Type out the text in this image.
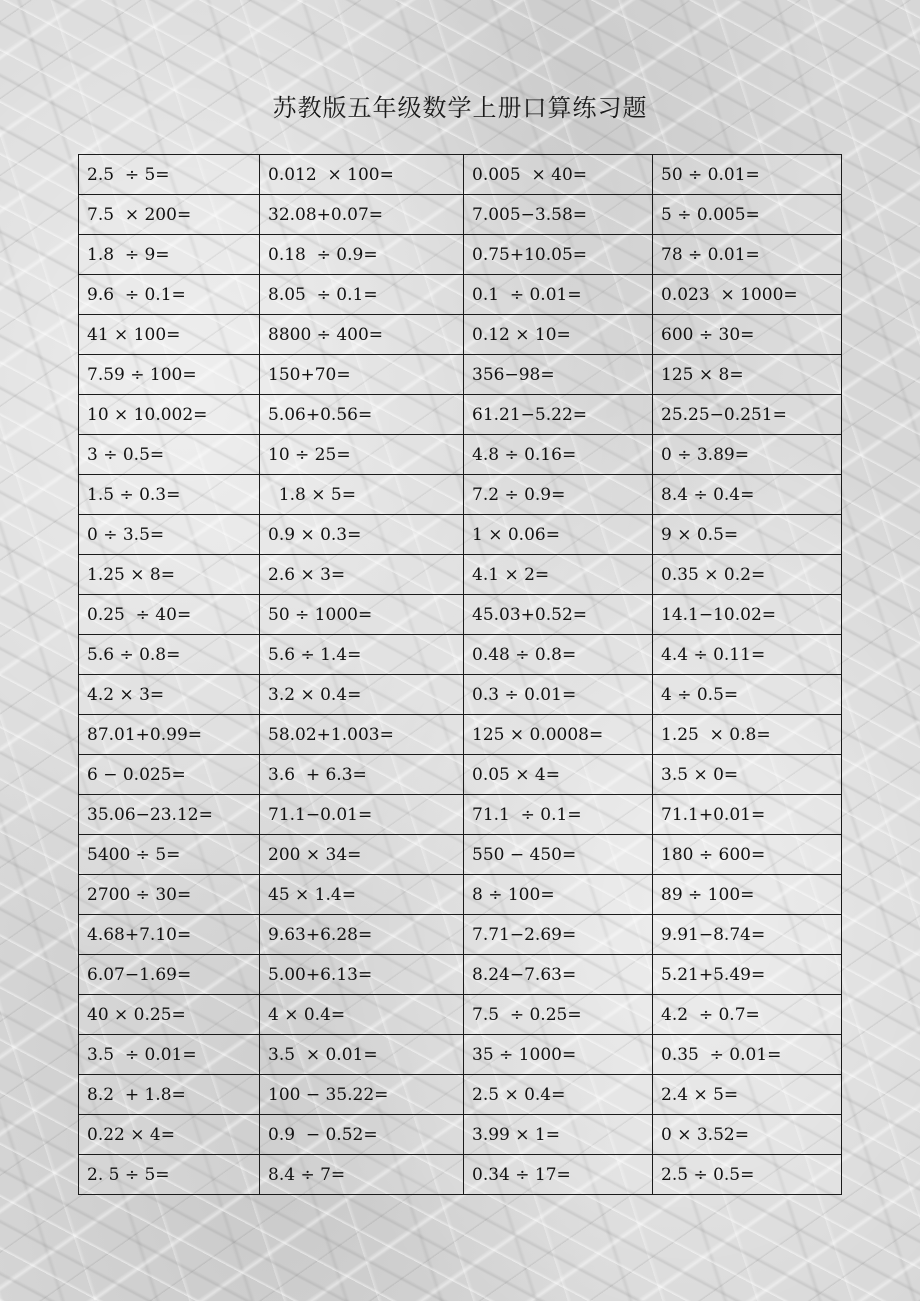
苏教版五年级数学上册口算练习题
2.5  ÷ 5=	0.012  × 100=	0.005  × 40=	50 ÷ 0.01=
7.5  × 200=	32.08+0.07=	7.005−3.58=	5 ÷ 0.005=
1.8  ÷ 9=	0.18  ÷ 0.9=	0.75+10.05=	78 ÷ 0.01=
9.6  ÷ 0.1=	8.05  ÷ 0.1=	0.1  ÷ 0.01=	0.023  × 1000=
41 × 100=	8800 ÷ 400=	0.12 × 10=	600 ÷ 30=
7.59 ÷ 100=	150+70=	356−98=	125 × 8=
10 × 10.002=	5.06+0.56=	61.21−5.22=	25.25−0.251=
3 ÷ 0.5=	10 ÷ 25=	4.8 ÷ 0.16=	0 ÷ 3.89=
1.5 ÷ 0.3=	1.8 × 5=	7.2 ÷ 0.9=	8.4 ÷ 0.4=
0 ÷ 3.5=	0.9 × 0.3=	1 × 0.06=	9 × 0.5=
1.25 × 8=	2.6 × 3=	4.1 × 2=	0.35 × 0.2=
0.25  ÷ 40=	50 ÷ 1000=	45.03+0.52=	14.1−10.02=
5.6 ÷ 0.8=	5.6 ÷ 1.4=	0.48 ÷ 0.8=	4.4 ÷ 0.11=
4.2 × 3=	3.2 × 0.4=	0.3 ÷ 0.01=	4 ÷ 0.5=
87.01+0.99=	58.02+1.003=	125 × 0.0008=	1.25  × 0.8=
6 − 0.025=	3.6  + 6.3=	0.05 × 4=	3.5 × 0=
35.06−23.12=	71.1−0.01=	71.1  ÷ 0.1=	71.1+0.01=
5400 ÷ 5=	200 × 34=	550 − 450=	180 ÷ 600=
2700 ÷ 30=	45 × 1.4=	8 ÷ 100=	89 ÷ 100=
4.68+7.10=	9.63+6.28=	7.71−2.69=	9.91−8.74=
6.07−1.69=	5.00+6.13=	8.24−7.63=	5.21+5.49=
40 × 0.25=	4 × 0.4=	7.5  ÷ 0.25=	4.2  ÷ 0.7=
3.5  ÷ 0.01=	3.5  × 0.01=	35 ÷ 1000=	0.35  ÷ 0.01=
8.2  + 1.8=	100 − 35.22=	2.5 × 0.4=	2.4 × 5=
0.22 × 4=	0.9  − 0.52=	3.99 × 1=	0 × 3.52=
2. 5 ÷ 5=	8.4 ÷ 7=	0.34 ÷ 17=	2.5 ÷ 0.5=
